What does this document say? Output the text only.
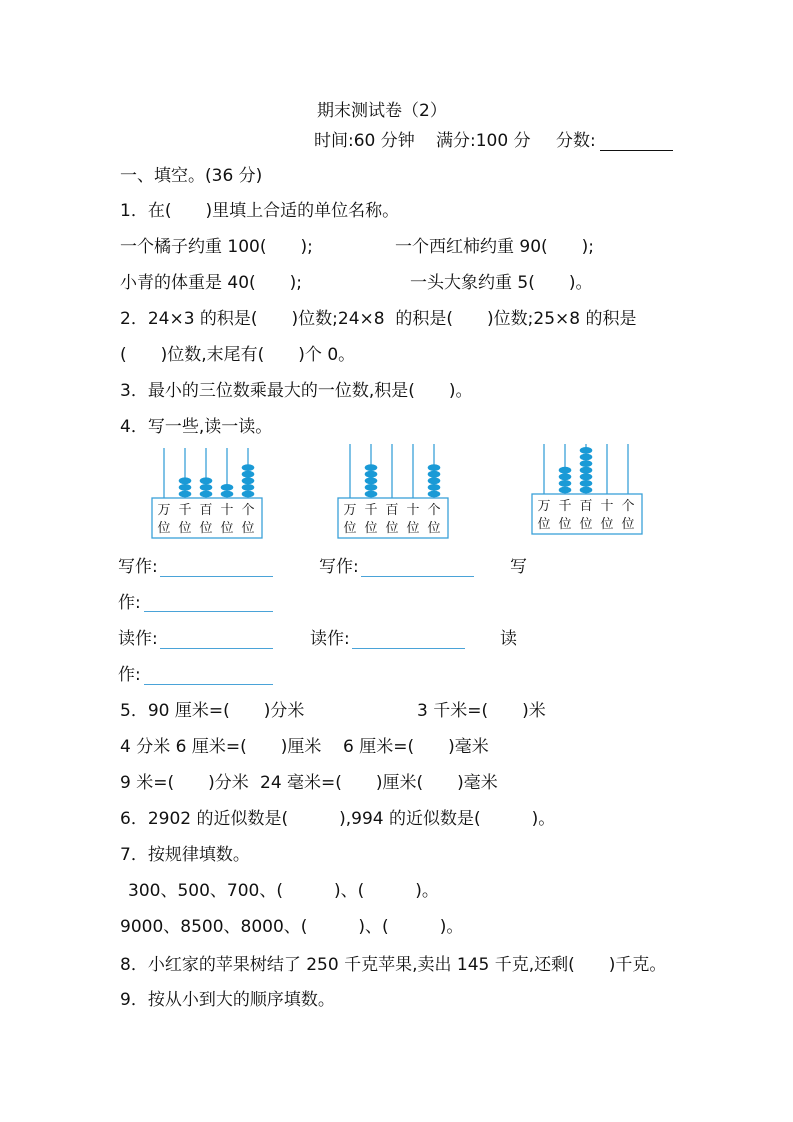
期末测试卷（2）
时间:60 分钟 满分:100 分 分数:
一、填空。(36 分)
1．在(　　)里填上合适的单位名称。
一个橘子约重 100(　　);	一个西红柿约重 90(　　);
小青的体重是 40(　　);	一头大象约重 5(　　)。
2．24×3 的积是(　　)位数;24×8  的积是(　　)位数;25×8 的积是
(　　)位数,末尾有(　　)个 0。
3．最小的三位数乘最大的一位数,积是(　　)。
4．写一些,读一读。
万
位
千
位
百
位
十
位
个
位
万
位
千
位
百
位
十
位
个
位
万
位
千
位
百
位
十
位
个
位
写作:	写作:	写
作:
读作:	读作:	读
作:
5．90 厘米=(　　)分米	3 千米=(　　)米
4 分米 6 厘米=(　　)厘米 6 厘米=(　　)毫米
9 米=(　　)分米 24 毫米=(　　)厘米(　　)毫米
6．2902 的近似数是(　　　),994 的近似数是(　　　)。
7．按规律填数。
300、500、700、(　　　)、(　　　)。
9000、8500、8000、(　　　)、(　　　)。
8．小红家的苹果树结了 250 千克苹果,卖出 145 千克,还剩(　　)千克。
9．按从小到大的顺序填数。
